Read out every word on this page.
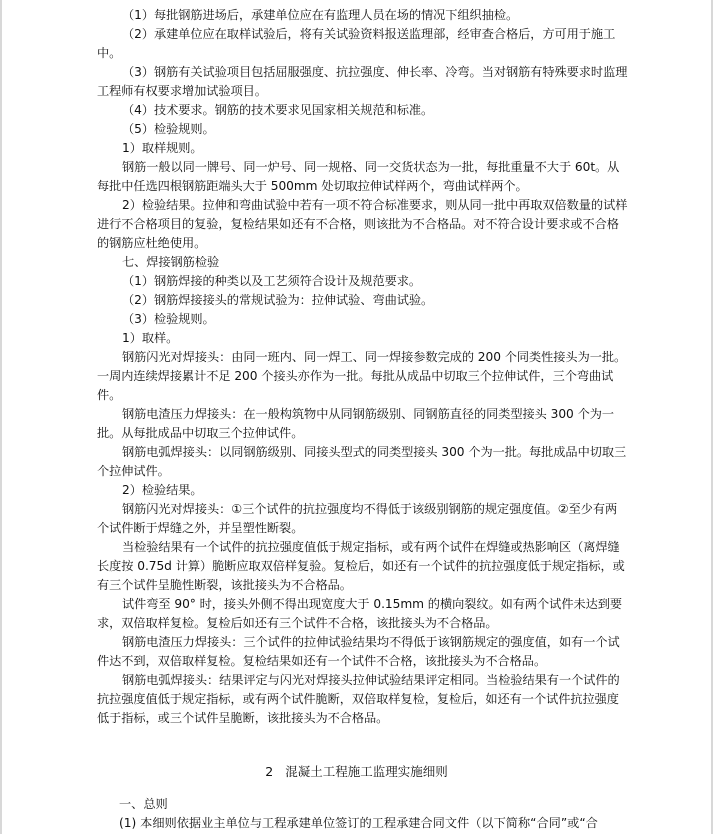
（1）每批钢筋进场后，承建单位应在有监理人员在场的情况下组织抽检。

（2）承建单位应在取样试验后，将有关试验资料报送监理部，经审查合格后，方可用于施工中。

（3）钢筋有关试验项目包括屈服强度、抗拉强度、伸长率、冷弯。当对钢筋有特殊要求时监理工程师有权要求增加试验项目。

（4）技术要求。钢筋的技术要求见国家相关规范和标准。

（5）检验规则。

1）取样规则。

钢筋一般以同一牌号、同一炉号、同一规格、同一交货状态为一批，每批重量不大于 60t。从每批中任选四根钢筋距端头大于 500mm 处切取拉伸试样两个，弯曲试样两个。

2）检验结果。拉伸和弯曲试验中若有一项不符合标准要求，则从同一批中再取双倍数量的试样进行不合格项目的复验，复检结果如还有不合格，则该批为不合格品。对不符合设计要求或不合格的钢筋应杜绝使用。

七、焊接钢筋检验

（1）钢筋焊接的种类以及工艺须符合设计及规范要求。

（2）钢筋焊接接头的常规试验为：拉伸试验、弯曲试验。

（3）检验规则。

1）取样。

钢筋闪光对焊接头：由同一班内、同一焊工、同一焊接参数完成的 200 个同类性接头为一批。一周内连续焊接累计不足 200 个接头亦作为一批。每批从成品中切取三个拉伸试件，三个弯曲试件。

钢筋电渣压力焊接头：在一般构筑物中从同钢筋级别、同钢筋直径的同类型接头 300 个为一批。从每批成品中切取三个拉伸试件。

钢筋电弧焊接头：以同钢筋级别、同接头型式的同类型接头 300 个为一批。每批成品中切取三个拉伸试件。

2）检验结果。

钢筋闪光对焊接头：①三个试件的抗拉强度均不得低于该级别钢筋的规定强度值。②至少有两个试件断于焊缝之外，并呈塑性断裂。

当检验结果有一个试件的抗拉强度值低于规定指标，或有两个试件在焊缝或热影响区（离焊缝长度按 0.75d 计算）脆断应取双倍样复验。复检后，如还有一个试件的抗拉强度低于规定指标，或有三个试件呈脆性断裂，该批接头为不合格品。

试件弯至 90° 时，接头外侧不得出现宽度大于 0.15mm 的横向裂纹。如有两个试件未达到要求，双倍取样复检。复检后如还有三个试件不合格，该批接头为不合格品。

钢筋电渣压力焊接头：三个试件的拉伸试验结果均不得低于该钢筋规定的强度值，如有一个试件达不到，双倍取样复检。复检结果如还有一个试件不合格，该批接头为不合格品。

钢筋电弧焊接头：结果评定与闪光对焊接头拉伸试验结果评定相同。当检验结果有一个试件的抗拉强度值低于规定指标，或有两个试件脆断，双倍取样复检，复检后，如还有一个试件抗拉强度低于指标，或三个试件呈脆断，该批接头为不合格品。

2 混凝土工程施工监理实施细则

一、总则

(1) 本细则依据业主单位与工程承建单位签订的工程承建合同文件（以下简称“合同”或“合
